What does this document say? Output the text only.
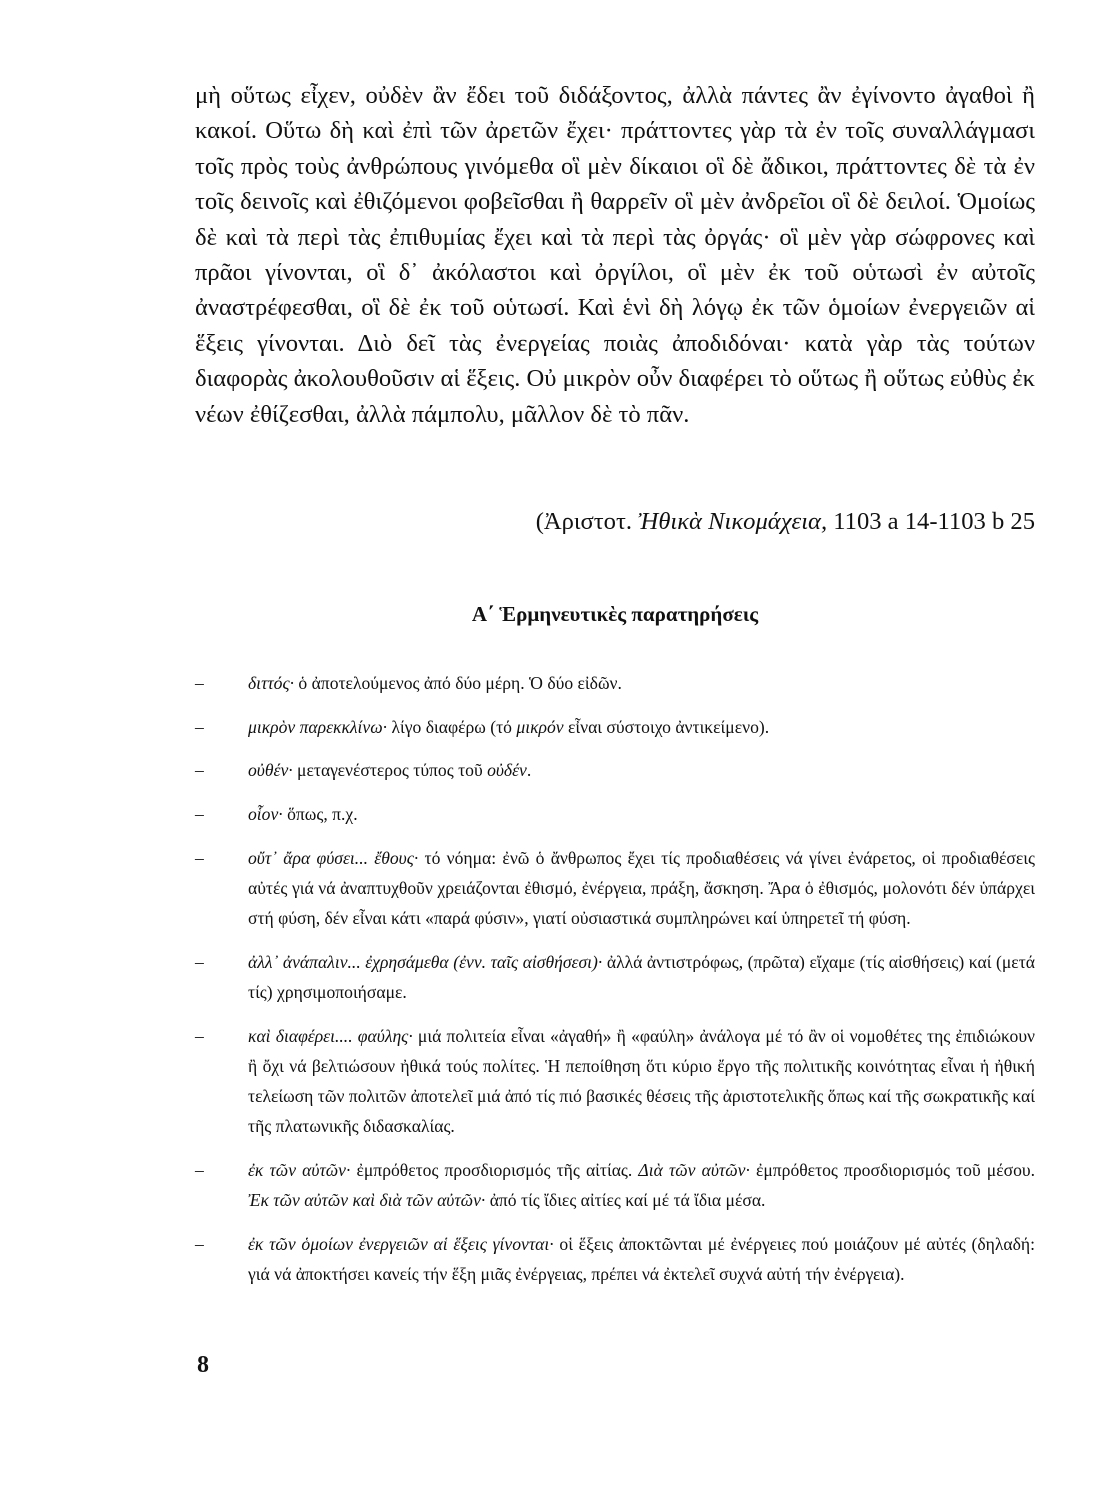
μὴ οὕτως εἶχεν, οὐδὲν ἂν ἔδει τοῦ διδάξοντος, ἀλλὰ πάντες ἂν ἐγίνοντο ἀγαθοὶ ἢ κακοί. Οὕτω δὴ καὶ ἐπὶ τῶν ἀρετῶν ἔχει· πράττοντες γὰρ τὰ ἐν τοῖς συναλλάγμασι τοῖς πρὸς τοὺς ἀνθρώπους γινόμεθα οἳ μὲν δίκαιοι οἳ δὲ ἄδικοι, πράττοντες δὲ τὰ ἐν τοῖς δεινοῖς καὶ ἐθιζόμενοι φοβεῖσθαι ἢ θαρρεῖν οἳ μὲν ἀνδρεῖοι οἳ δὲ δειλοί. Ὁμοίως δὲ καὶ τὰ περὶ τὰς ἐπιθυμίας ἔχει καὶ τὰ περὶ τὰς ὀργάς· οἳ μὲν γὰρ σώφρονες καὶ πρᾶοι γίνονται, οἳ δ᾽ ἀκόλαστοι καὶ ὀργίλοι, οἳ μὲν ἐκ τοῦ οὑτωσὶ ἐν αὐτοῖς ἀναστρέφεσθαι, οἳ δὲ ἐκ τοῦ οὑτωσί. Καὶ ἑνὶ δὴ λόγῳ ἐκ τῶν ὁμοίων ἐνεργειῶν αἱ ἕξεις γίνονται. Διὸ δεῖ τὰς ἐνεργείας ποιὰς ἀποδιδόναι· κατὰ γὰρ τὰς τούτων διαφορὰς ἀκολουθοῦσιν αἱ ἕξεις. Οὐ μικρὸν οὖν διαφέρει τὸ οὕτως ἢ οὕτως εὐθὺς ἐκ νέων ἐθίζεσθαι, ἀλλὰ πάμπολυ, μᾶλλον δὲ τὸ πᾶν.

(Ἀριστοτ. Ἠθικὰ Νικομάχεια, 1103 a 14-1103 b 25

Α΄ Ἑρμηνευτικὲς παρατηρήσεις
–	διττός· ὁ ἀποτελούμενος ἀπό δύο μέρη. Ὁ δύο εἰδῶν.
–	μικρὸν παρεκκλίνω· λίγο διαφέρω (τό μικρόν εἶναι σύστοιχο ἀντικείμενο).
–	οὐθέν· μεταγενέστερος τύπος τοῦ οὐδέν.
–	οἷον· ὅπως, π.χ.
–	οὔτ᾽ ἄρα φύσει... ἔθους· τό νόημα: ἐνῶ ὁ ἄνθρωπος ἔχει τίς προδιαθέσεις νά γίνει ἐνάρετος, οἱ προδιαθέσεις αὐτές γιά νά ἀναπτυχθοῦν χρειάζονται ἐθισμό, ἐνέργεια, πράξη, ἄσκηση. Ἄρα ὁ ἐθισμός, μολονότι δέν ὑπάρχει στή φύση, δέν εἶναι κάτι «παρά φύσιν», γιατί οὐσιαστικά συμπληρώνει καί ὑπηρετεῖ τή φύση.
–	ἀλλ᾽ ἀνάπαλιν... ἐχρησάμεθα (ἐνν. ταῖς αἰσθήσεσι)· ἀλλά ἀντιστρόφως, (πρῶτα) εἴχαμε (τίς αἰσθήσεις) καί (μετά τίς) χρησιμοποιήσαμε.
–	καὶ διαφέρει.... φαύλης· μιά πολιτεία εἶναι «ἀγαθή» ἢ «φαύλη» ἀνάλογα μέ τό ἂν οἱ νομοθέτες της ἐπιδιώκουν ἢ ὄχι νά βελτιώσουν ἠθικά τούς πολίτες. Ἡ πεποίθηση ὅτι κύριο ἔργο τῆς πολιτικῆς κοινότητας εἶναι ἡ ἠθική τελείωση τῶν πολιτῶν ἀποτελεῖ μιά ἀπό τίς πιό βασικές θέσεις τῆς ἀριστοτελικῆς ὅπως καί τῆς σωκρατικῆς καί τῆς πλατωνικῆς διδασκαλίας.
–	ἐκ τῶν αὐτῶν· ἐμπρόθετος προσδιορισμός τῆς αἰτίας. Διὰ τῶν αὐτῶν· ἐμπρόθετος προσδιορισμός τοῦ μέσου. Ἐκ τῶν αὐτῶν καὶ διὰ τῶν αὐτῶν· ἀπό τίς ἴδιες αἰτίες καί μέ τά ἴδια μέσα.
–	ἐκ τῶν ὁμοίων ἐνεργειῶν αἱ ἕξεις γίνονται· οἱ ἕξεις ἀποκτῶνται μέ ἐνέργειες πού μοιάζουν μέ αὐτές (δηλαδή: γιά νά ἀποκτήσει κανείς τήν ἕξη μιᾶς ἐνέργειας, πρέπει νά ἐκτελεῖ συχνά αὐτή τήν ἐνέργεια).

8
